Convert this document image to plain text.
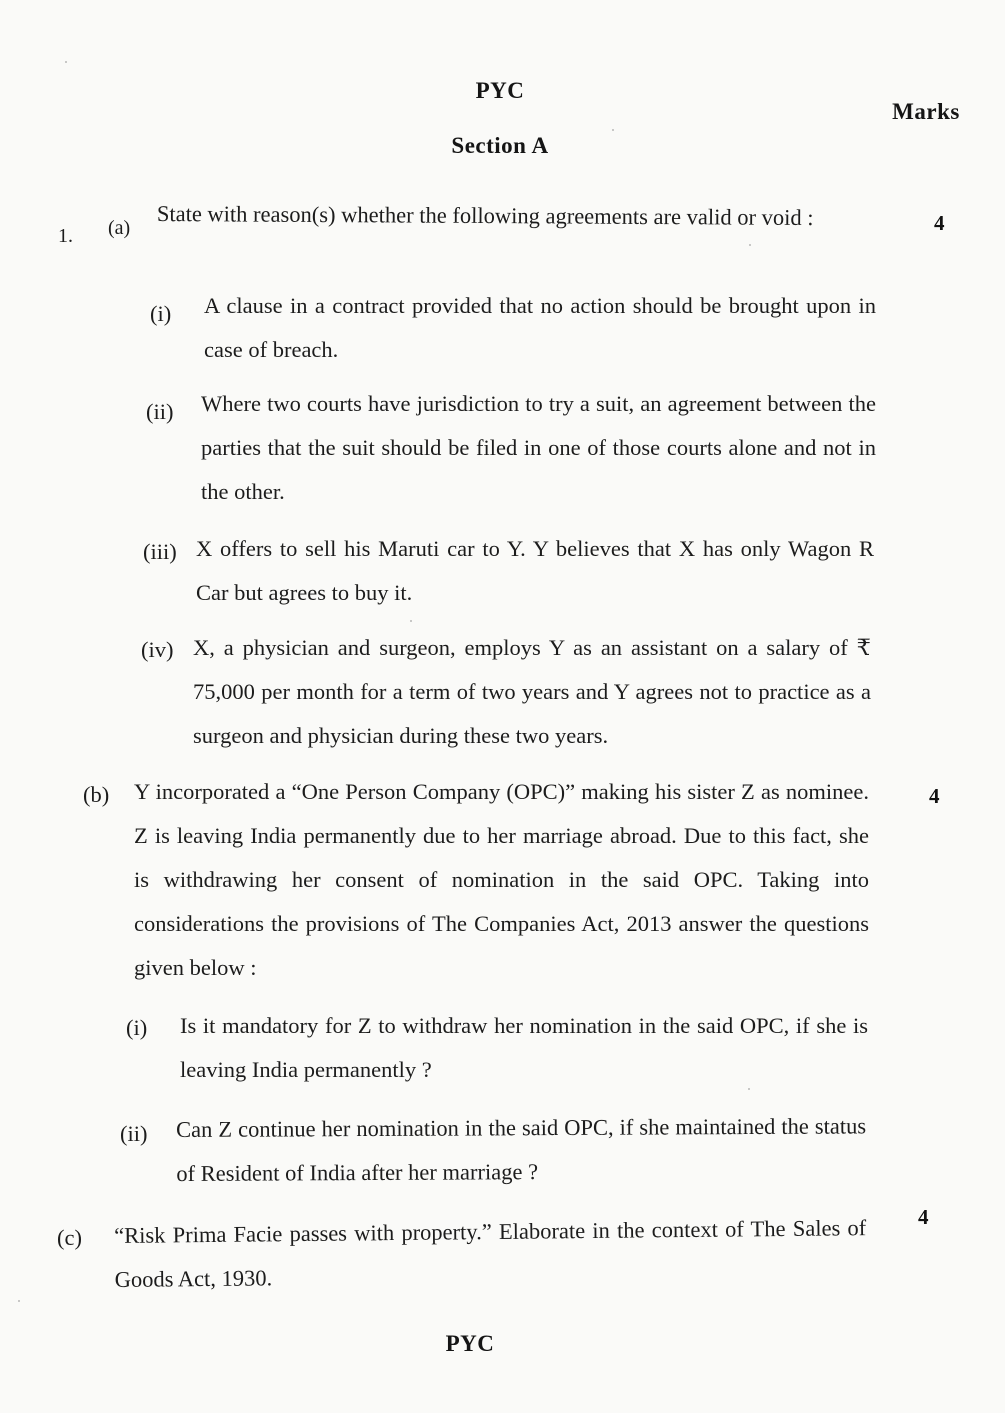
PYC
Marks
Section A
1. (a) State with reason(s) whether the following agreements are valid or void :	4
(i) A clause in a contract provided that no action should be brought upon in case of breach.
(ii) Where two courts have jurisdiction to try a suit, an agreement between the parties that the suit should be filed in one of those courts alone and not in the other.
(iii) X offers to sell his Maruti car to Y. Y believes that X has only Wagon R Car but agrees to buy it.
(iv) X, a physician and surgeon, employs Y as an assistant on a salary of ₹ 75,000 per month for a term of two years and Y agrees not to practice as a surgeon and physician during these two years.
(b) Y incorporated a “One Person Company (OPC)” making his sister Z as nominee. Z is leaving India permanently due to her marriage abroad. Due to this fact, she is withdrawing her consent of nomination in the said OPC. Taking into considerations the provisions of The Companies Act, 2013 answer the questions given below :
4
(i) Is it mandatory for Z to withdraw her nomination in the said OPC, if she is leaving India permanently ?
(ii) Can Z continue her nomination in the said OPC, if she maintained the status of Resident of India after her marriage ?
(c) “Risk Prima Facie passes with property.” Elaborate in the context of The Sales of Goods Act, 1930.
4
PYC
